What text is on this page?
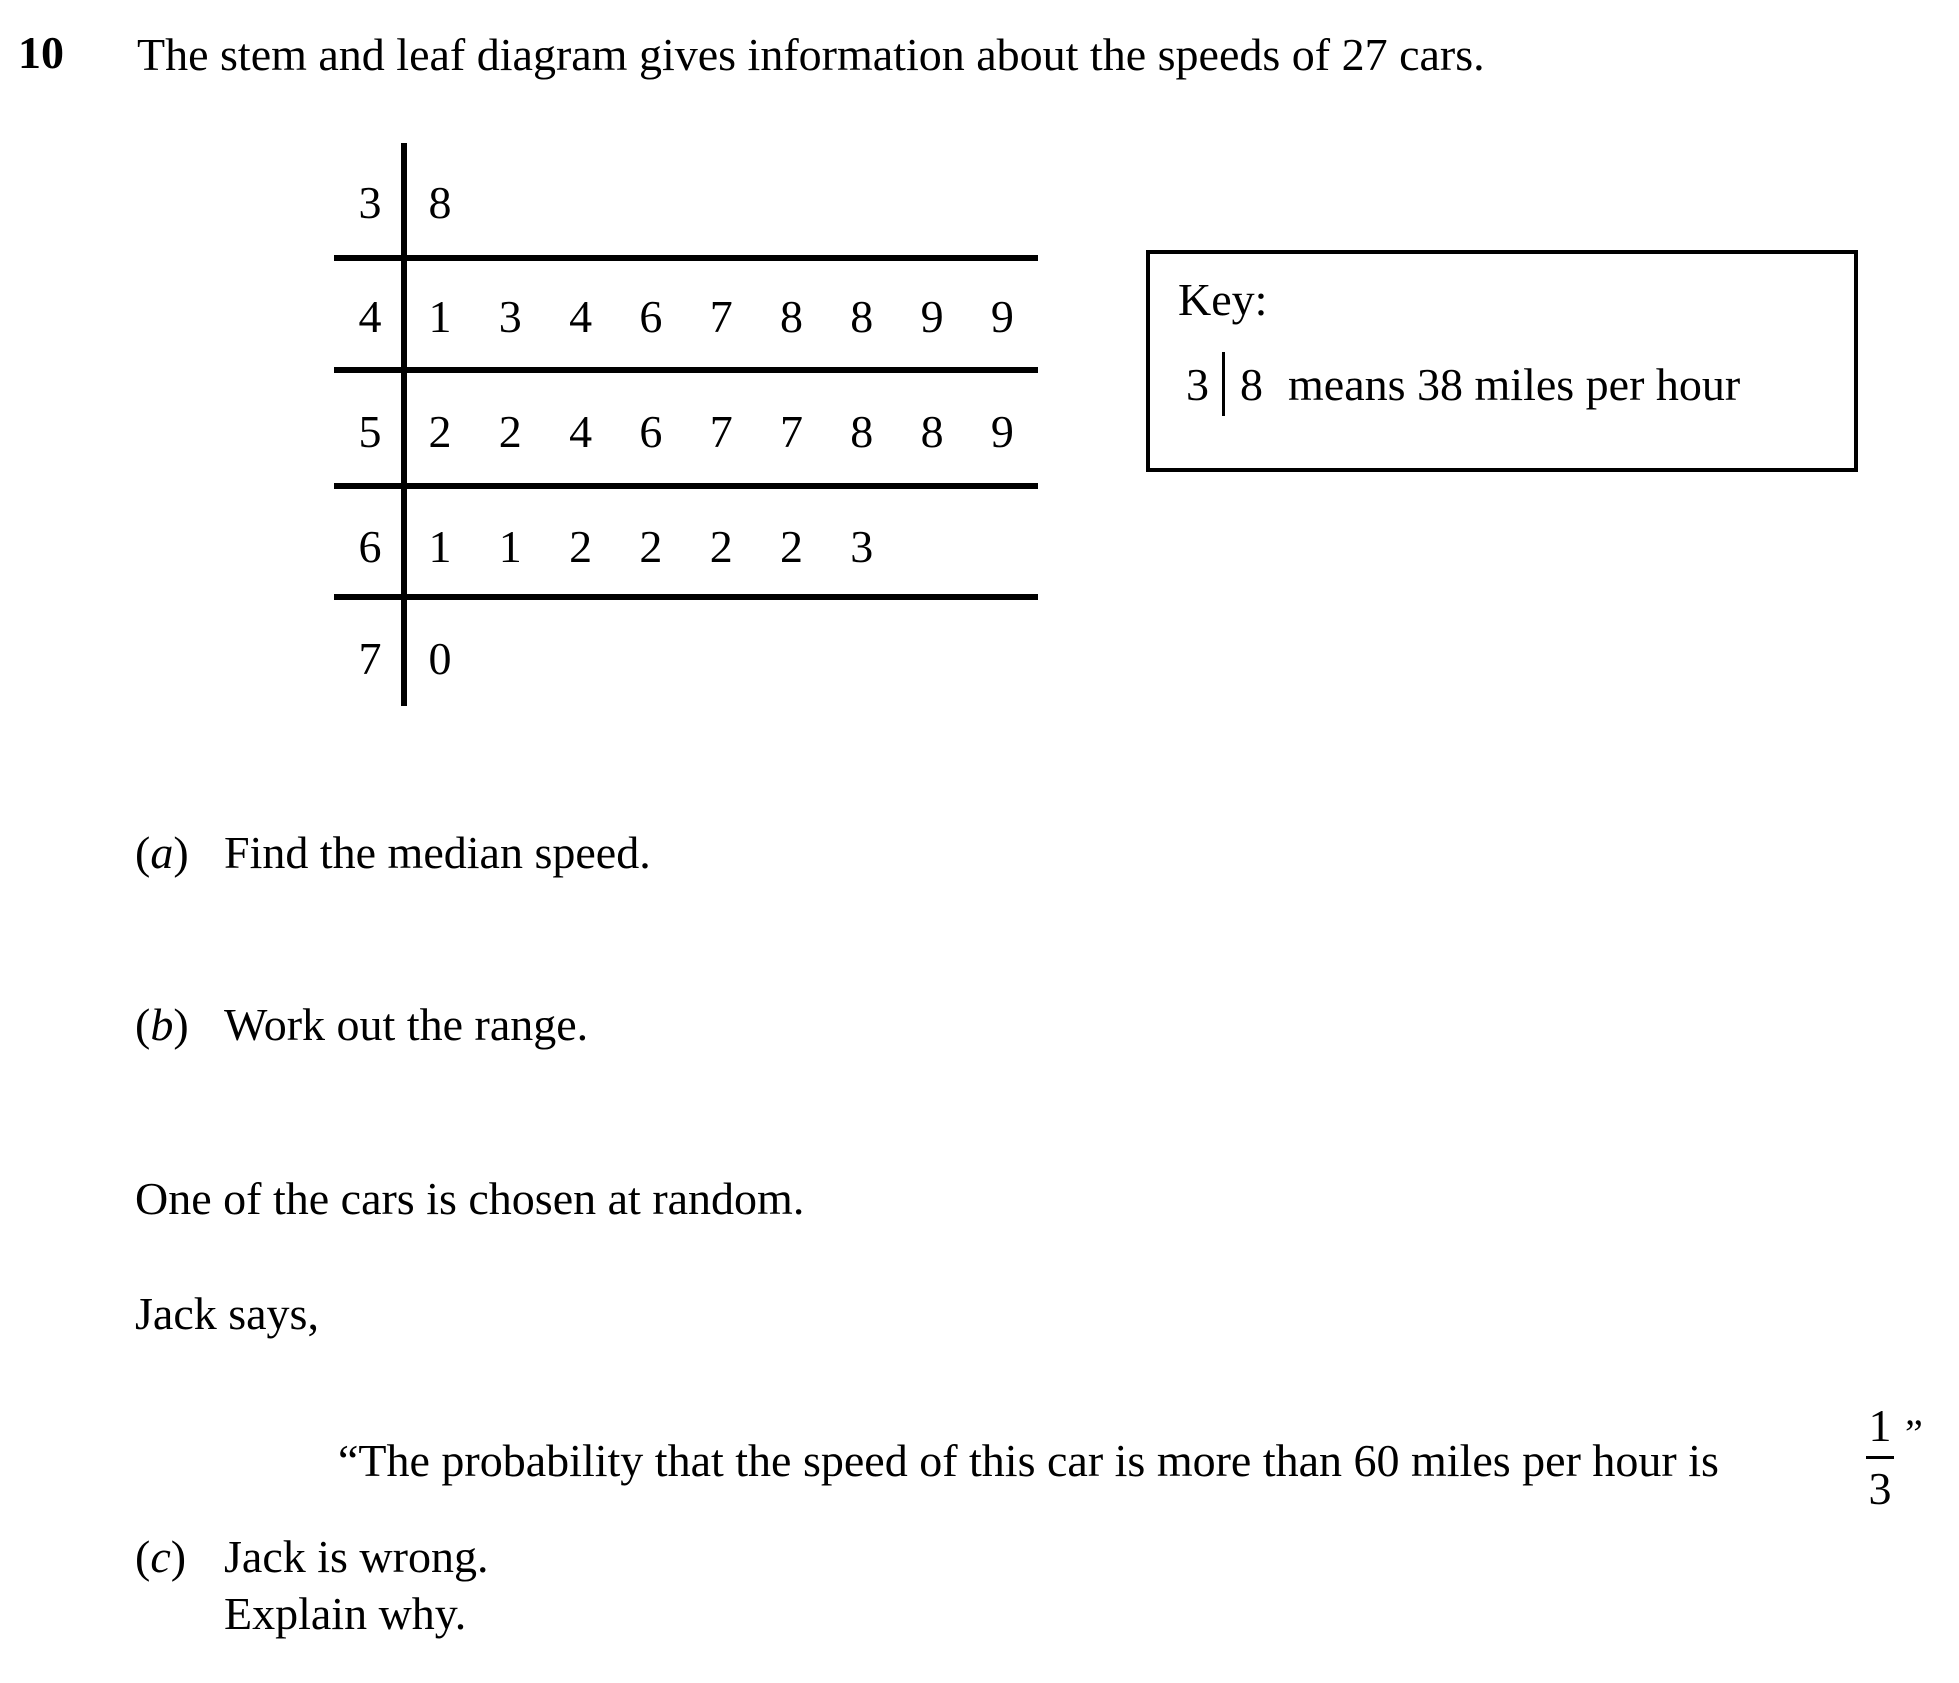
10 The stem and leaf diagram gives information about the speeds of 27 cars.
3 8
4 1 3 4 6 7 8 8 9 9
5 2 2 4 6 7 7 8 8 9
6 1 1 2 2 2 2 3
7 0
Key:
3 8 means 38 miles per hour
(a) Find the median speed.
(b) Work out the range.
One of the cars is chosen at random.
Jack says,
“The probability that the speed of this car is more than 60 miles per hour is
1
3
”
(c) Jack is wrong.
Explain why.
